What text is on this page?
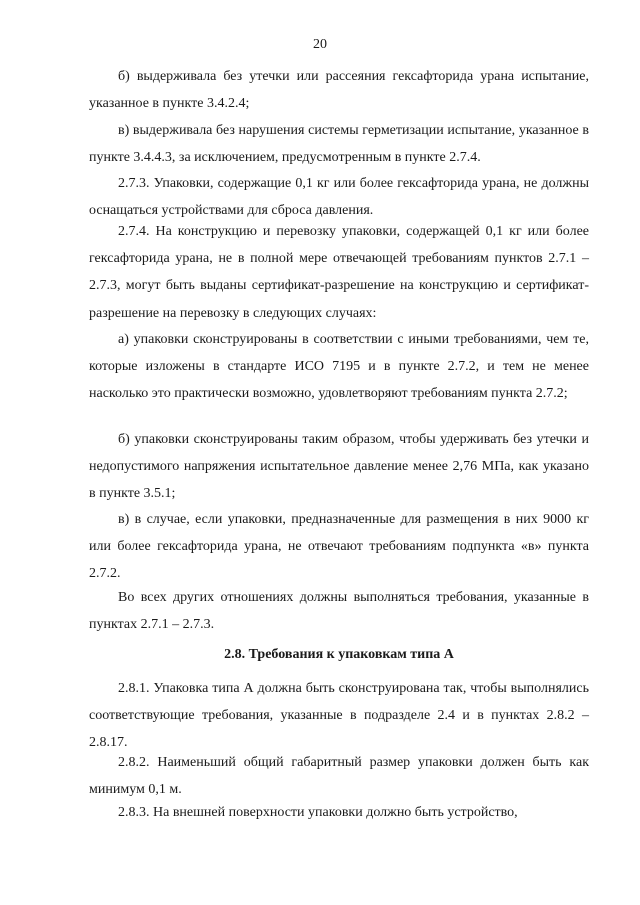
20

б) выдерживала без утечки или рассеяния гексафторида урана испытание, указанное в пункте 3.4.2.4;

в) выдерживала без нарушения системы герметизации испытание, указанное в пункте 3.4.4.3, за исключением, предусмотренным в пункте 2.7.4.

2.7.3. Упаковки, содержащие 0,1 кг или более гексафторида урана, не должны оснащаться устройствами для сброса давления.

2.7.4. На конструкцию и перевозку упаковки, содержащей 0,1 кг или более гексафторида урана, не в полной мере отвечающей требованиям пунктов 2.7.1 – 2.7.3, могут быть выданы сертификат-разрешение на конструкцию и сертификат-разрешение на перевозку в следующих случаях:

а) упаковки сконструированы в соответствии с иными требованиями, чем те, которые изложены в стандарте ИСО 7195 и в пункте 2.7.2, и тем не менее насколько это практически возможно, удовлетворяют требованиям пункта 2.7.2;

б) упаковки сконструированы таким образом, чтобы удерживать без утечки и недопустимого напряжения испытательное давление менее 2,76 МПа, как указано в пункте 3.5.1;

в) в случае, если упаковки, предназначенные для размещения в них 9000 кг или более гексафторида урана, не отвечают требованиям подпункта «в» пункта 2.7.2.

Во всех других отношениях должны выполняться требования, указанные в пунктах 2.7.1 – 2.7.3.

2.8. Требования к упаковкам типа А

2.8.1. Упаковка типа А должна быть сконструирована так, чтобы выполнялись соответствующие требования, указанные в подразделе 2.4 и в пунктах 2.8.2 – 2.8.17.

2.8.2. Наименьший общий габаритный размер упаковки должен быть как минимум 0,1 м.

2.8.3. На внешней поверхности упаковки должно быть устройство,
